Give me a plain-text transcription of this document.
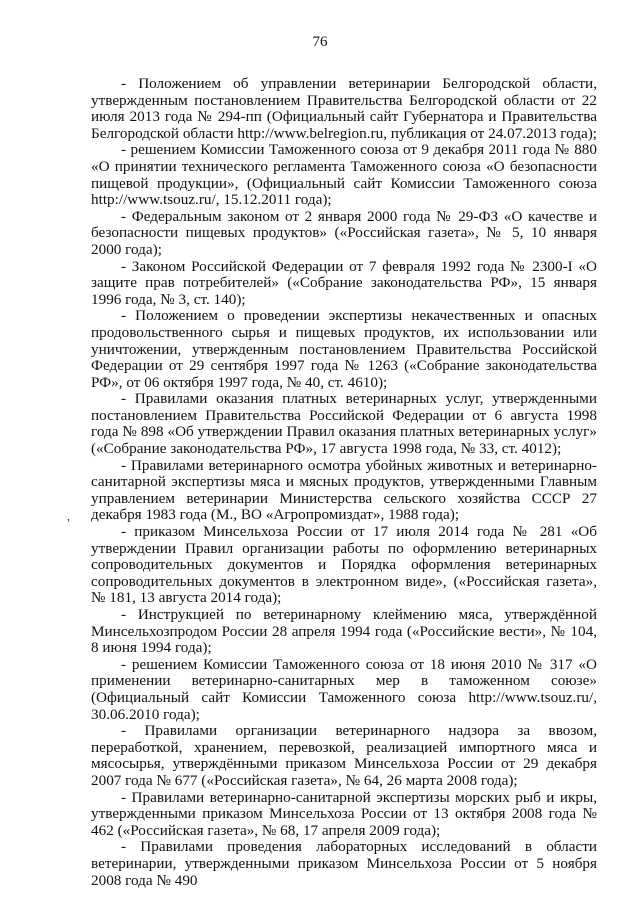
76
,

- Положением об управлении ветеринарии Белгородской области, утвержденным постановлением Правительства Белгородской области от 22 июля 2013 года № 294-пп (Официальный сайт Губернатора и Правительства Белгородской области http://www.belregion.ru, публикация от 24.07.2013 года);

- решением Комиссии Таможенного союза от 9 декабря 2011 года № 880 «О принятии технического регламента Таможенного союза «О безопасности пищевой продукции», (Официальный сайт Комиссии Таможенного союза http://www.tsouz.ru/, 15.12.2011 года);

- Федеральным законом от 2 января 2000 года № 29-ФЗ «О качестве и безопасности пищевых продуктов» («Российская газета», № 5, 10 января 2000 года);

- Законом Российской Федерации от 7 февраля 1992 года № 2300-I «О защите прав потребителей» («Собрание законодательства РФ», 15 января 1996 года, № 3, ст. 140);

- Положением о проведении экспертизы некачественных и опасных продовольственного сырья и пищевых продуктов, их использовании или уничтожении, утвержденным постановлением Правительства Российской Федерации от 29 сентября 1997 года № 1263 («Собрание законодательства РФ», от 06 октября 1997 года, № 40, ст. 4610);

- Правилами оказания платных ветеринарных услуг, утвержденными постановлением Правительства Российской Федерации от 6 августа 1998 года № 898 «Об утверждении Правил оказания платных ветеринарных услуг» («Собрание законодательства РФ», 17 августа 1998 года, № 33, ст. 4012);

- Правилами ветеринарного осмотра убойных животных и ветеринарно-санитарной экспертизы мяса и мясных продуктов, утвержденными Главным управлением ветеринарии Министерства сельского хозяйства СССР 27 декабря 1983 года (М., ВО «Агропромиздат», 1988 года);

- приказом Минсельхоза России от 17 июля 2014 года № 281 «Об утверждении Правил организации работы по оформлению ветеринарных сопроводительных документов и Порядка оформления ветеринарных сопроводительных документов в электронном виде», («Российская газета», № 181, 13 августа 2014 года);

- Инструкцией по ветеринарному клеймению мяса, утверждённой Минсельхозпродом России 28 апреля 1994 года («Российские вести», № 104, 8 июня 1994 года);

- решением Комиссии Таможенного союза от 18 июня 2010 № 317 «О применении ветеринарно-санитарных мер в таможенном союзе» (Официальный сайт Комиссии Таможенного союза http://www.tsouz.ru/, 30.06.2010 года);

- Правилами организации ветеринарного надзора за ввозом, переработкой, хранением, перевозкой, реализацией импортного мяса и мясосырья, утверждёнными приказом Минсельхоза России от 29 декабря 2007 года № 677 («Российская газета», № 64, 26 марта 2008 года);

- Правилами ветеринарно-санитарной экспертизы морских рыб и икры, утвержденными приказом Минсельхоза России от 13 октября 2008 года № 462 («Российская газета», № 68, 17 апреля 2009 года);

- Правилами проведения лабораторных исследований в области ветеринарии, утвержденными приказом Минсельхоза России от 5 ноября 2008 года № 490
